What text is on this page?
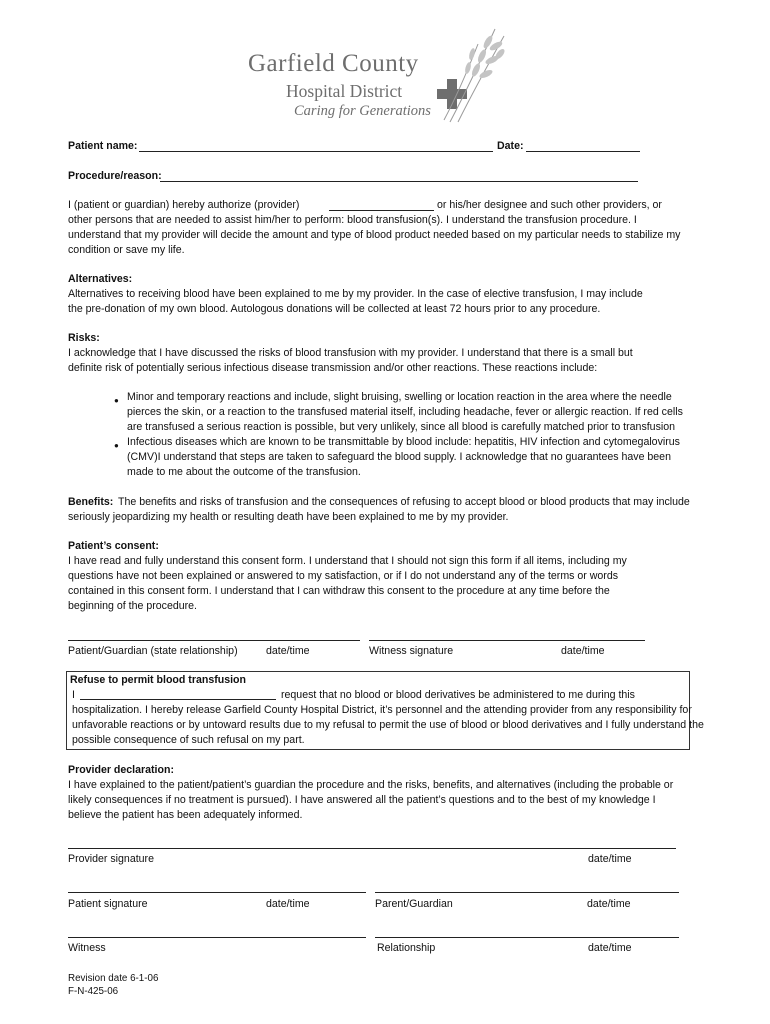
Garfield County
Hospital District
Caring for Generations
Patient name:	Date:
Procedure/reason:
I (patient or guardian) hereby authorize (provider)	or his/her designee and such other providers, or
other persons that are needed to assist him/her to perform: blood transfusion(s). I understand the transfusion procedure. I
understand that my provider will decide the amount and type of blood product needed based on my particular needs to stabilize my
condition or save my life.
Alternatives:
Alternatives to receiving blood have been explained to me by my provider. In the case of elective transfusion, I may include
the pre-donation of my own blood. Autologous donations will be collected at least 72 hours prior to any procedure.
Risks:
I acknowledge that I have discussed the risks of blood transfusion with my provider. I understand that there is a small but
definite risk of potentially serious infectious disease transmission and/or other reactions. These reactions include:
●
Minor and temporary reactions and include, slight bruising, swelling or location reaction in the area where the needle
pierces the skin, or a reaction to the transfused material itself, including headache, fever or allergic reaction. If red cells
are transfused a serious reaction is possible, but very unlikely, since all blood is carefully matched prior to transfusion
●
Infectious diseases which are known to be transmittable by blood include: hepatitis, HIV infection and cytomegalovirus
(CMV)I understand that steps are taken to safeguard the blood supply. I acknowledge that no guarantees have been
made to me about the outcome of the transfusion.
Benefits: The benefits and risks of transfusion and the consequences of refusing to accept blood or blood products that may include
seriously jeopardizing my health or resulting death have been explained to me by my provider.
Patient’s consent:
I have read and fully understand this consent form. I understand that I should not sign this form if all items, including my
questions have not been explained or answered to my satisfaction, or if I do not understand any of the terms or words
contained in this consent form. I understand that I can withdraw this consent to the procedure at any time before the
beginning of the procedure.
Patient/Guardian (state relationship)	date/time	Witness signature	date/time
Refuse to permit blood transfusion
I	request that no blood or blood derivatives be administered to me during this
hospitalization. I hereby release Garfield County Hospital District, it’s personnel and the attending provider from any responsibility for
unfavorable reactions or by untoward results due to my refusal to permit the use of blood or blood derivatives and I fully understand the
possible consequence of such refusal on my part.
Provider declaration:
I have explained to the patient/patient’s guardian the procedure and the risks, benefits, and alternatives (including the probable or
likely consequences if no treatment is pursued). I have answered all the patient’s questions and to the best of my knowledge I
believe the patient has been adequately informed.
Provider signature	date/time
Patient signature	date/time	Parent/Guardian	date/time
Witness	Relationship	date/time
Revision date 6-1-06
F-N-425-06
